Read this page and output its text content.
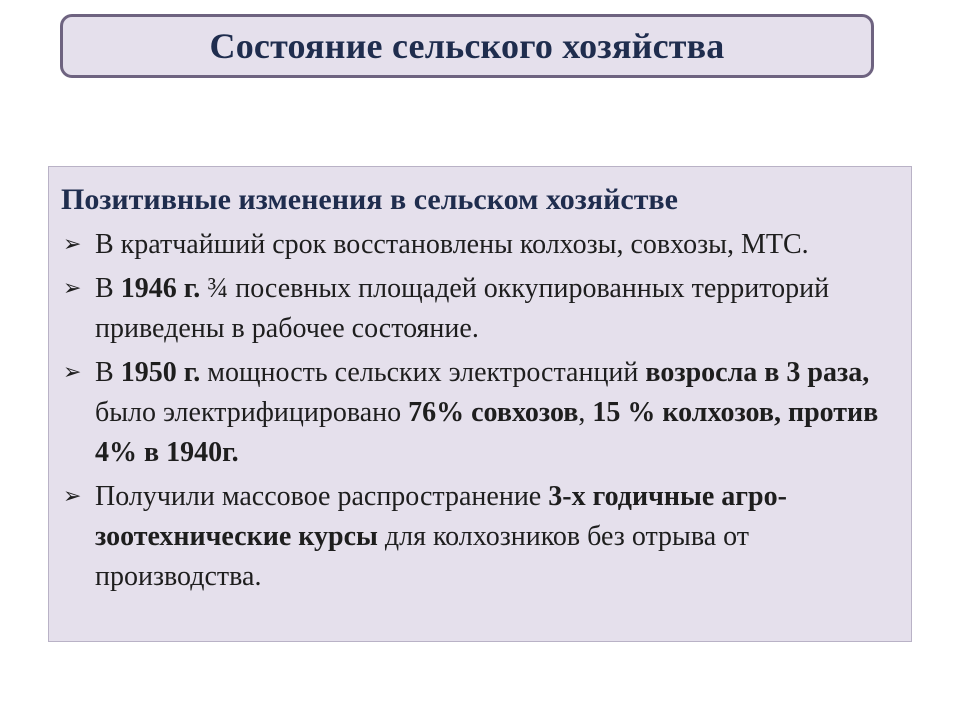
Состояние сельского хозяйства
Позитивные изменения в сельском хозяйстве
➢ В кратчайший срок восстановлены колхозы, совхозы, МТС.
➢ В 1946 г. ¾ посевных площадей оккупированных территорий приведены в рабочее состояние.
➢ В 1950 г. мощность сельских электростанций возросла в 3 раза, было электрифицировано 76% совхозов, 15 % колхозов, против 4% в 1940г.
➢ Получили массовое распространение 3-х годичные агро-зоотехнические курсы для колхозников без отрыва от производства.
